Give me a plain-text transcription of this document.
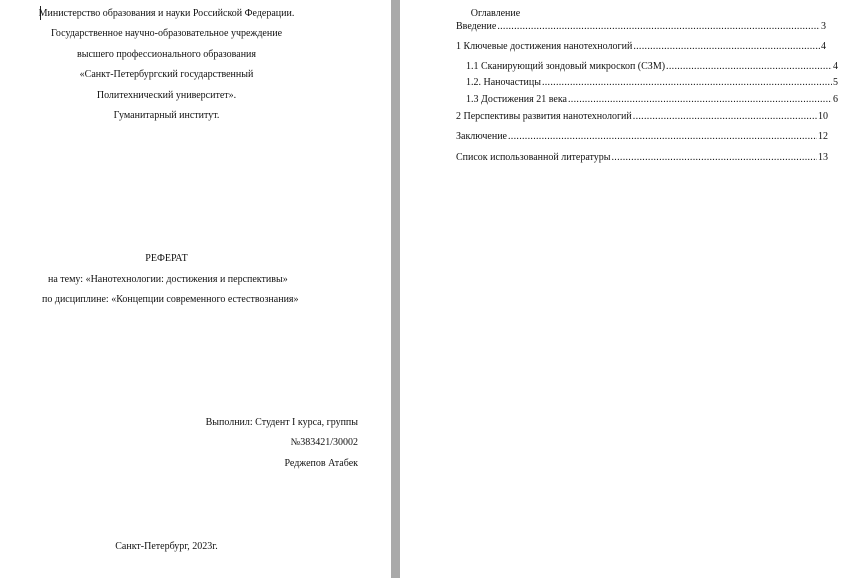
Министерство образования и науки Российской Федерации.
Государственное научно-образовательное учреждение
высшего профессионального образования
«Санкт-Петербургский государственный
Политехнический университет».
Гуманитарный институт.
РЕФЕРАТ
на тему: «Нанотехнологии: достижения и перспективы»
по дисциплине: «Концепции современного естествознания»
Выполнил: Студент I курса, группы
№383421/30002
Реджепов Атабек
Санкт-Петербург, 2023г.
Оглавление
Введение .....	3
1 Ключевые достижения нанотехнологий .....	4
1.1 Сканирующий зондовый микроскоп (СЗМ) .....	4
1.2. Наночастицы .....	5
1.3 Достижения 21 века .....	6
2 Перспективы развития нанотехнологий .....	10
Заключение .....	12
Список использованной литературы .....	13
